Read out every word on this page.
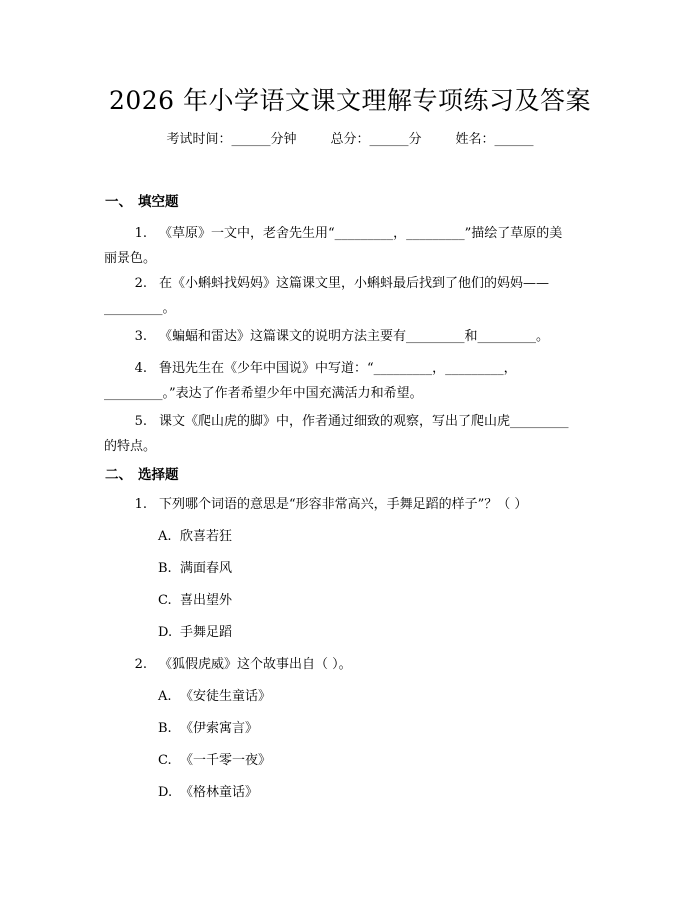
2026 年小学语文课文理解专项练习及答案
考试时间：______分钟	总分：______分	姓名：______
一、 填空题
1. 《草原》一文中，老舍先生用“_________，_________”描绘了草原的美
丽景色。
2. 在《小蝌蚪找妈妈》这篇课文里，小蝌蚪最后找到了他们的妈妈——
_________。
3. 《蝙蝠和雷达》这篇课文的说明方法主要有_________和_________。
4. 鲁迅先生在《少年中国说》中写道：“_________，_________，
_________。”表达了作者希望少年中国充满活力和希望。
5. 课文《爬山虎的脚》中，作者通过细致的观察，写出了爬山虎_________
的特点。
二、 选择题
1. 下列哪个词语的意思是“形容非常高兴，手舞足蹈的样子”？（ ）
A. 欣喜若狂
B. 满面春风
C. 喜出望外
D. 手舞足蹈
2. 《狐假虎威》这个故事出自（ ）。
A. 《安徒生童话》
B. 《伊索寓言》
C. 《一千零一夜》
D. 《格林童话》
